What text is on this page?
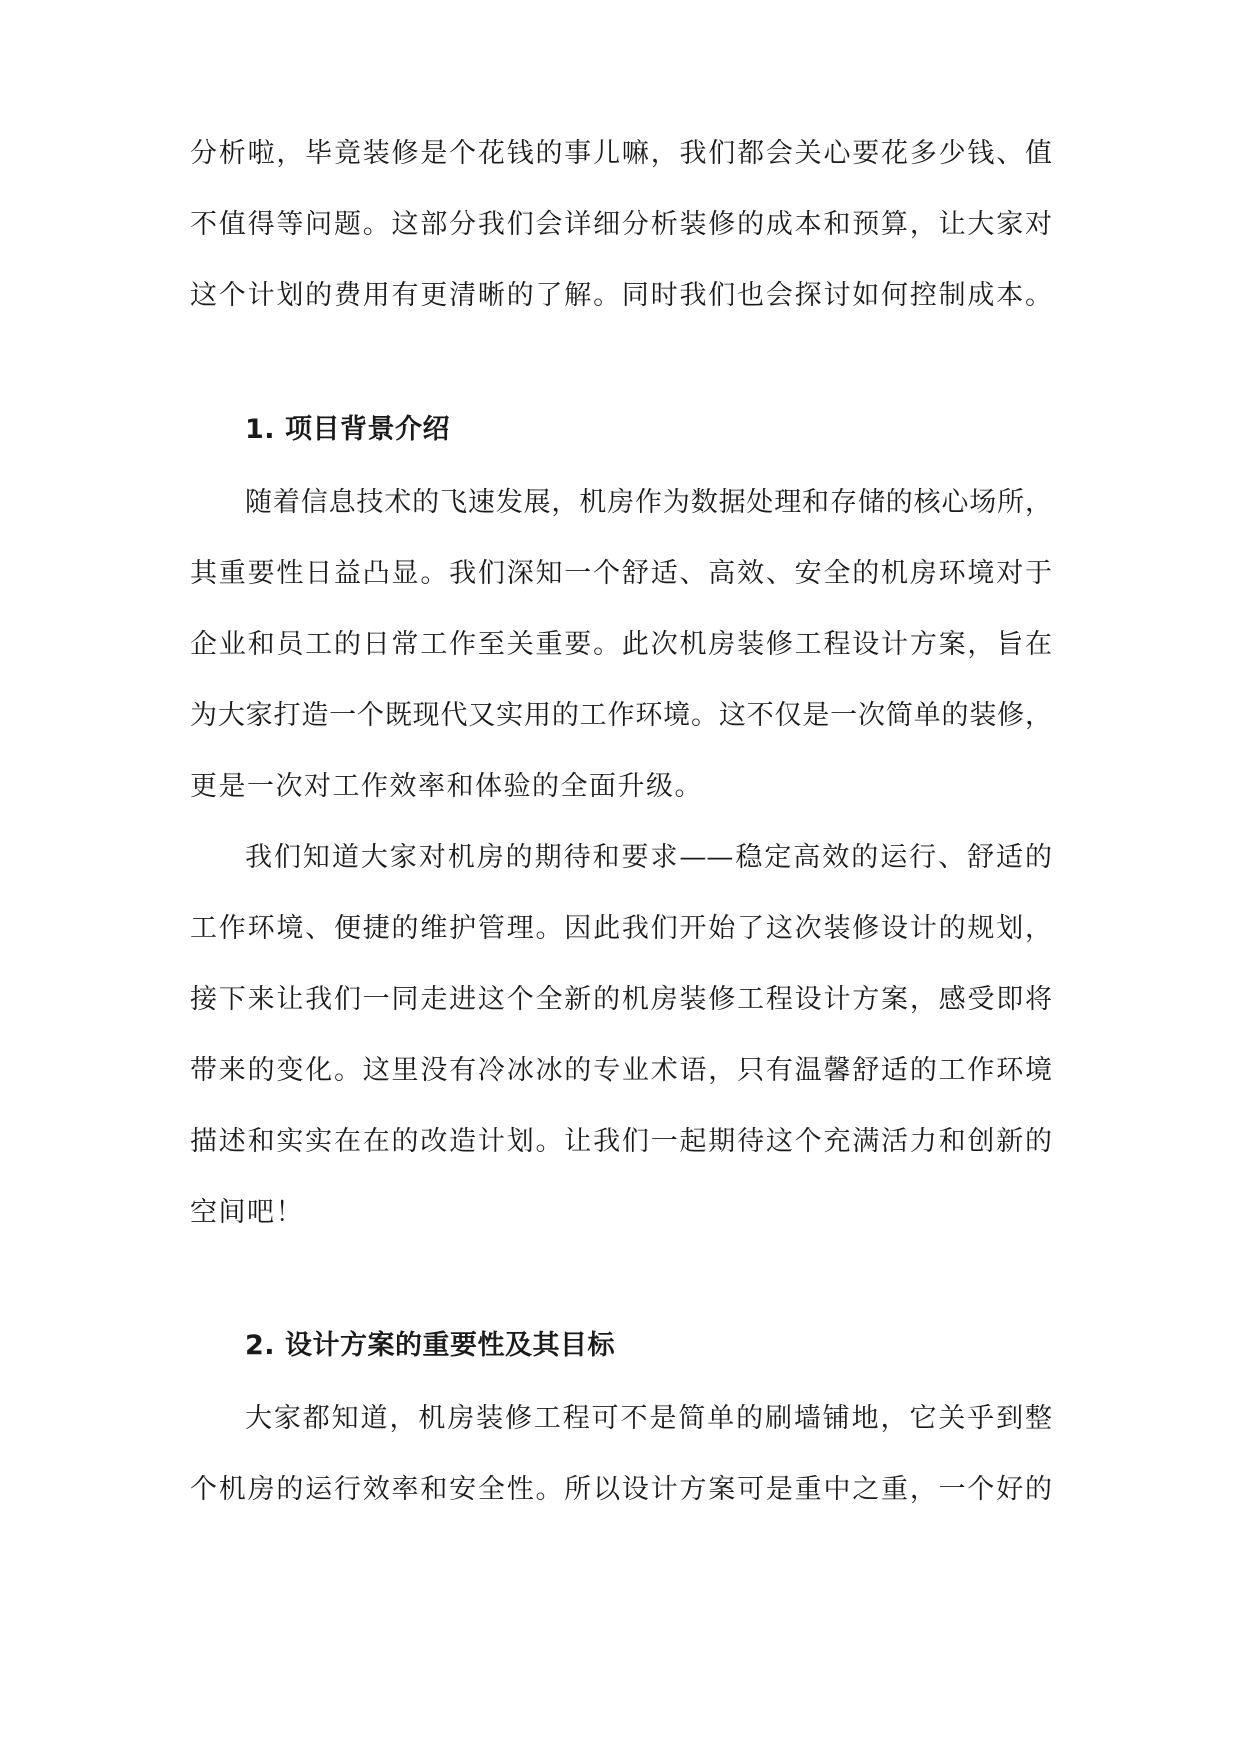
分析啦，毕竟装修是个花钱的事儿嘛，我们都会关心要花多少钱、值
不值得等问题。这部分我们会详细分析装修的成本和预算，让大家对
这个计划的费用有更清晰的了解。同时我们也会探讨如何控制成本。
1. 项目背景介绍
随着信息技术的飞速发展，机房作为数据处理和存储的核心场所，
其重要性日益凸显。我们深知一个舒适、高效、安全的机房环境对于
企业和员工的日常工作至关重要。此次机房装修工程设计方案，旨在
为大家打造一个既现代又实用的工作环境。这不仅是一次简单的装修，
更是一次对工作效率和体验的全面升级。
我们知道大家对机房的期待和要求——稳定高效的运行、舒适的
工作环境、便捷的维护管理。因此我们开始了这次装修设计的规划，
接下来让我们一同走进这个全新的机房装修工程设计方案，感受即将
带来的变化。这里没有冷冰冰的专业术语，只有温馨舒适的工作环境
描述和实实在在的改造计划。让我们一起期待这个充满活力和创新的
空间吧！
2. 设计方案的重要性及其目标
大家都知道，机房装修工程可不是简单的刷墙铺地，它关乎到整
个机房的运行效率和安全性。所以设计方案可是重中之重，一个好的
